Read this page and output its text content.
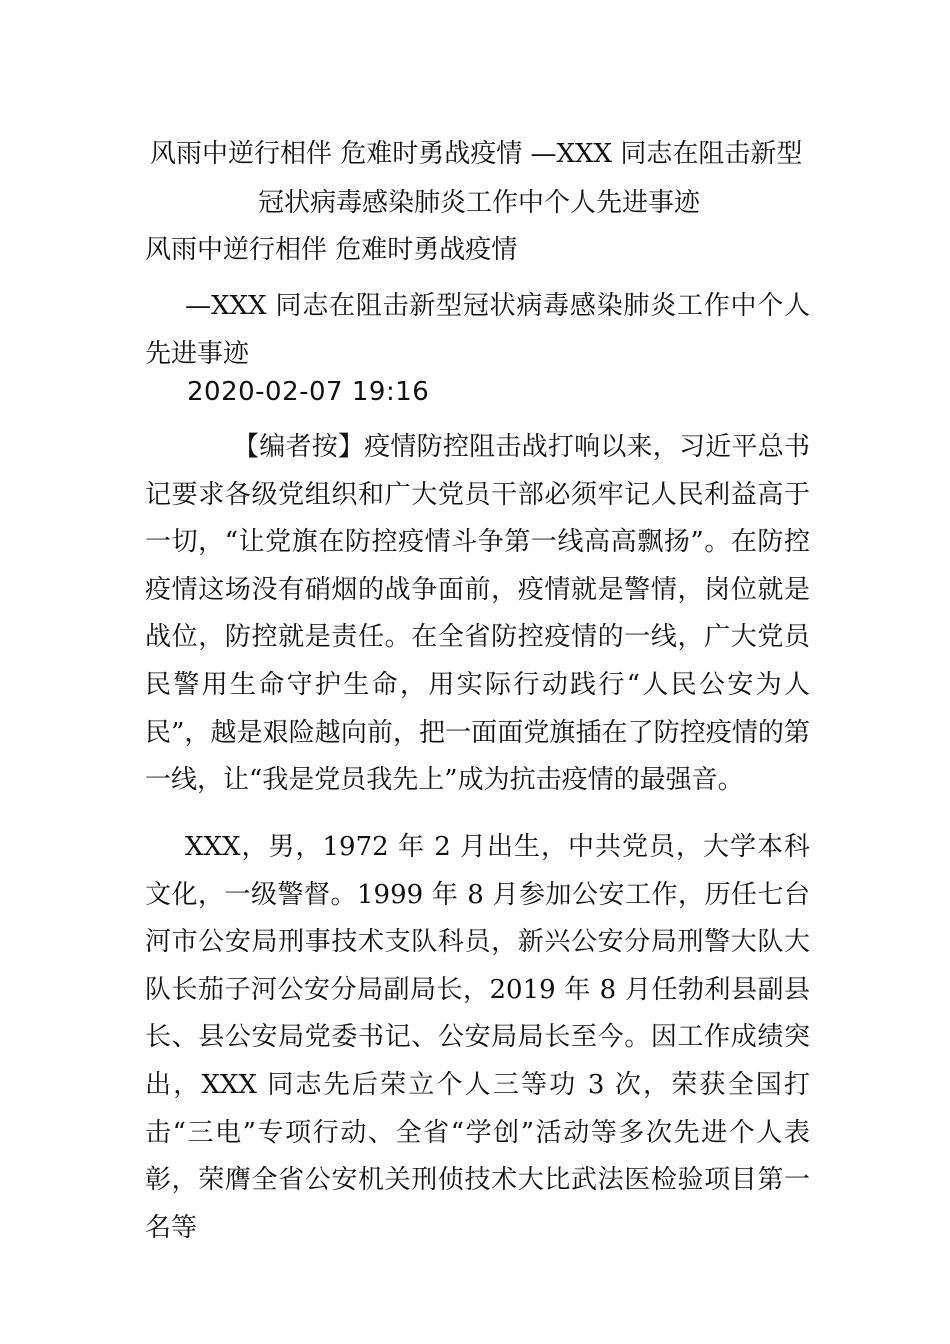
风雨中逆行相伴 危难时勇战疫情 —XXX 同志在阻击新型
冠状病毒感染肺炎工作中个人先进事迹
风雨中逆行相伴 危难时勇战疫情
—XXX 同志在阻击新型冠状病毒感染肺炎工作中个人先进事迹
2020-02-07 19:16
【编者按】疫情防控阻击战打响以来，习近平总书记要求各级党组织和广大党员干部必须牢记人民利益高于一切，“让党旗在防控疫情斗争第一线高高飘扬”。在防控疫情这场没有硝烟的战争面前，疫情就是警情，岗位就是战位，防控就是责任。在全省防控疫情的一线，广大党员民警用生命守护生命，用实际行动践行“人民公安为人民”，越是艰险越向前，把一面面党旗插在了防控疫情的第一线，让“我是党员我先上”成为抗击疫情的最强音。
XXX，男，1972 年 2 月出生，中共党员，大学本科文化，一级警督。1999 年 8 月参加公安工作，历任七台河市公安局刑事技术支队科员，新兴公安分局刑警大队大队长茄子河公安分局副局长，2019 年 8 月任勃利县副县长、县公安局党委书记、公安局局长至今。因工作成绩突出，XXX 同志先后荣立个人三等功 3 次，荣获全国打击“三电”专项行动、全省“学创”活动等多次先进个人表彰，荣膺全省公安机关刑侦技术大比武法医检验项目第一名等
